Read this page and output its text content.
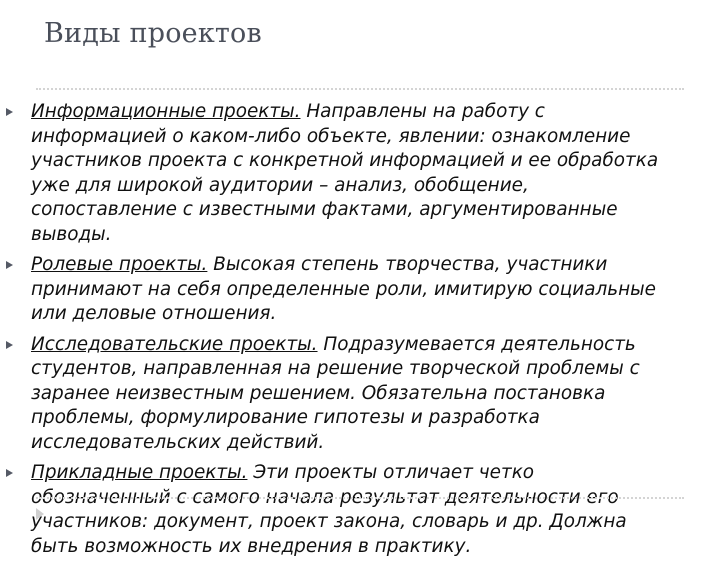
Виды проектов
Информационные проекты. Направлены на работу с
информацией о каком-либо объекте, явлении: ознакомление
участников проекта с конкретной информацией и ее обработка
уже для широкой аудитории – анализ, обобщение,
сопоставление с известными фактами, аргументированные
выводы.
Ролевые проекты. Высокая степень творчества, участники
принимают на себя определенные роли, имитирую социальные
или деловые отношения.
Исследовательские проекты. Подразумевается деятельность
студентов, направленная на решение творческой проблемы с
заранее неизвестным решением. Обязательна постановка
проблемы, формулирование гипотезы и разработка
исследовательских действий.
Прикладные проекты. Эти проекты отличает четко
обозначенный с самого начала результат деятельности его
участников: документ, проект закона, словарь и др. Должна
быть возможность их внедрения в практику.
